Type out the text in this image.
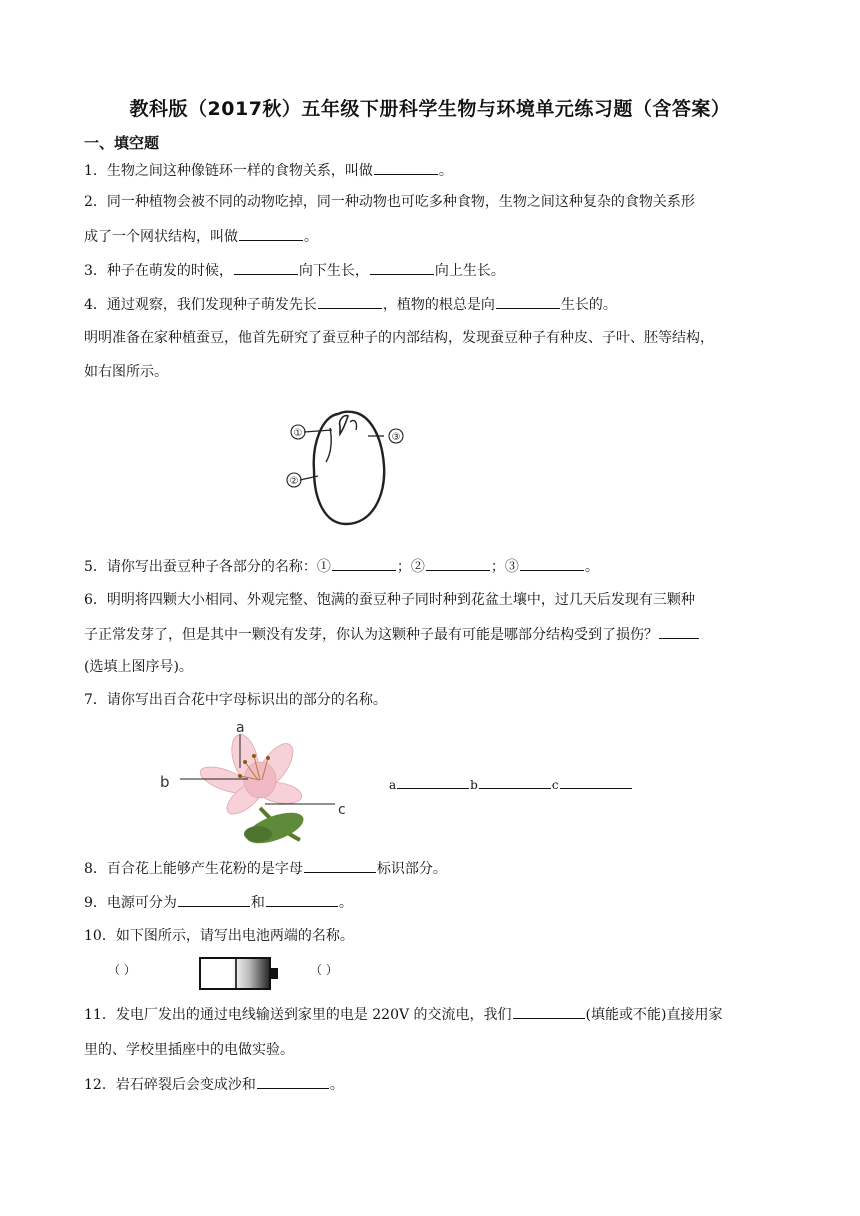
教科版（2017秋）五年级下册科学生物与环境单元练习题（含答案）
一、填空题
1．生物之间这种像链环一样的食物关系，叫做	。
2．同一种植物会被不同的动物吃掉，同一种动物也可吃多种食物，生物之间这种复杂的食物关系形
成了一个网状结构，叫做	。
3．种子在萌发的时候，	向下生长，	向上生长。
4．通过观察，我们发现种子萌发先长	，植物的根总是向	生长的。
明明准备在家种植蚕豆，他首先研究了蚕豆种子的内部结构，发现蚕豆种子有种皮、子叶、胚等结构，
如右图所示。
①
②
③
5．请你写出蚕豆种子各部分的名称：①	；②	；③	。
6．明明将四颗大小相同、外观完整、饱满的蚕豆种子同时种到花盆土壤中，过几天后发现有三颗种
子正常发芽了，但是其中一颗没有发芽，你认为这颗种子最有可能是哪部分结构受到了损伤？
(选填上图序号)。
7．请你写出百合花中字母标识出的部分的名称。
a
b
c
a	b	c
8．百合花上能够产生花粉的是字母	标识部分。
9．电源可分为	和	。
10．如下图所示，请写出电池两端的名称。
（ ）	（ ）
11．发电厂发出的通过电线输送到家里的电是 220V 的交流电，我们	(填能或不能)直接用家
里的、学校里插座中的电做实验。
12．岩石碎裂后会变成沙和	。
